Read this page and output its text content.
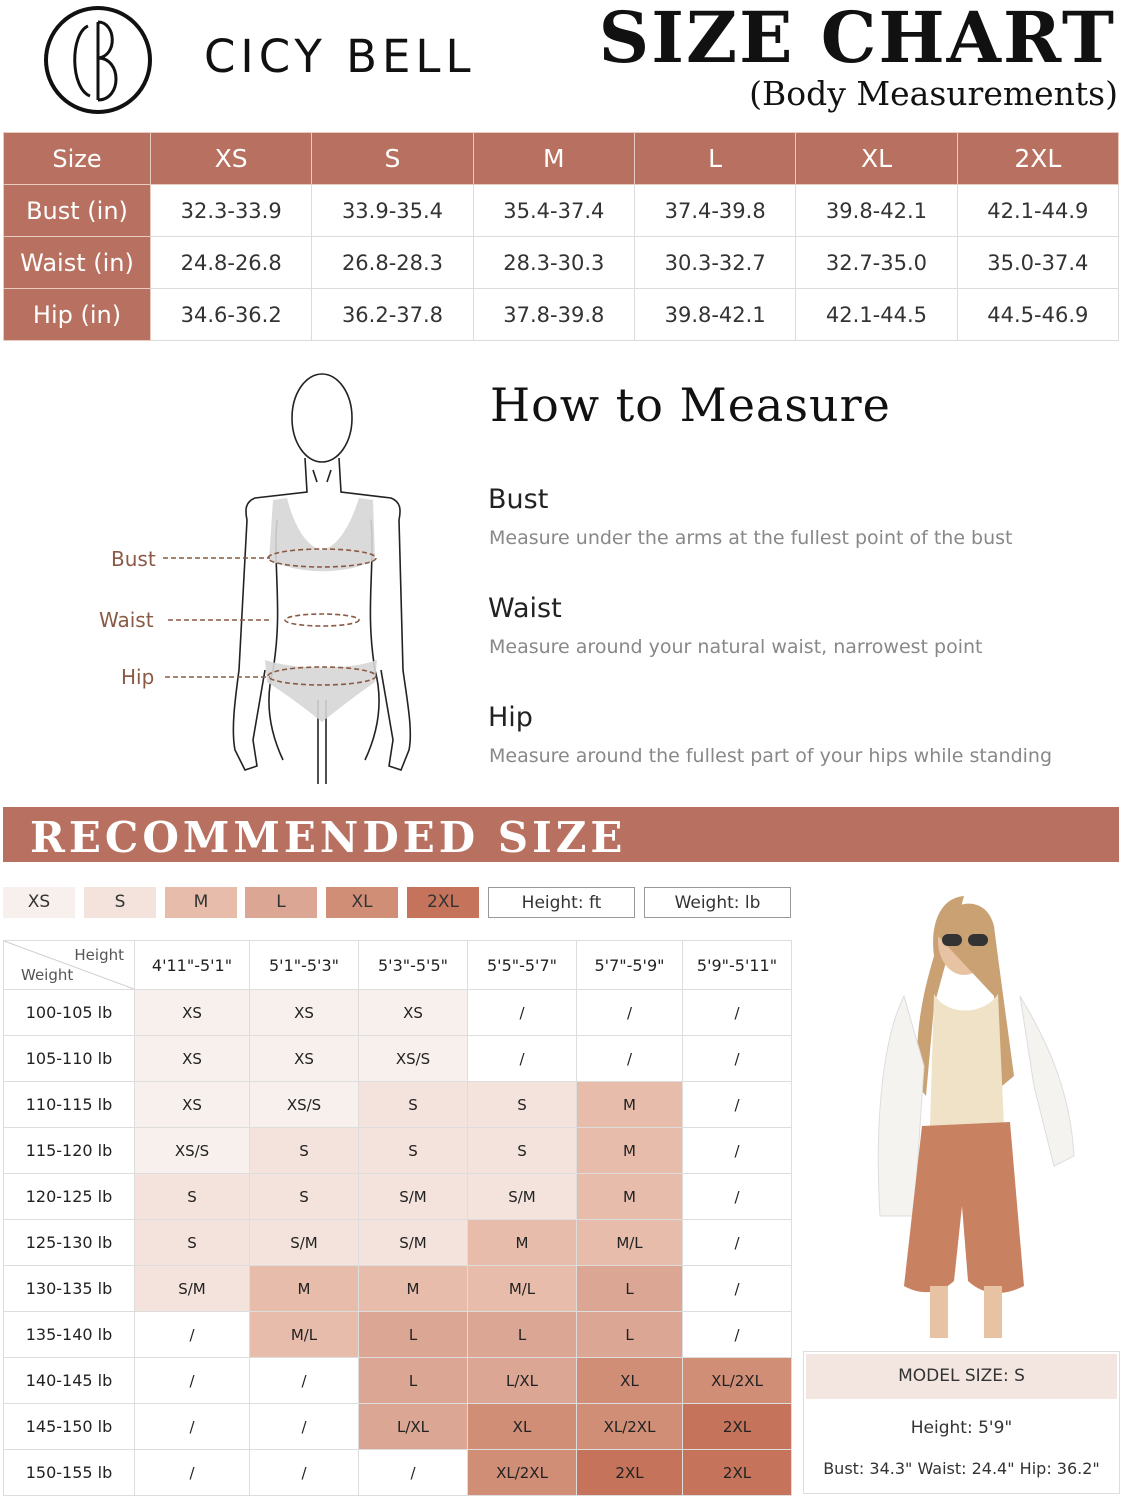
CICY BELL SIZE CHART
(Body Measurements)
Size	XS	S	M	L	XL	2XL
Bust (in)	32.3-33.9	33.9-35.4	35.4-37.4	37.4-39.8	39.8-42.1	42.1-44.9
Waist (in)	24.8-26.8	26.8-28.3	28.3-30.3	30.3-32.7	32.7-35.0	35.0-37.4
Hip (in)	34.6-36.2	36.2-37.8	37.8-39.8	39.8-42.1	42.1-44.5	44.5-46.9
Bust
Waist
Hip
How to Measure
Bust
Measure under the arms at the fullest point of the bust
Waist
Measure around your natural waist, narrowest point
Hip
Measure around the fullest part of your hips while standing
RECOMMENDED SIZE
XS	S	M	L	XL	2XL	Height: ft	Weight: lb
Height
Weight	4'11"-5'1"	5'1"-5'3"	5'3"-5'5"	5'5"-5'7"	5'7"-5'9"	5'9"-5'11"
100-105 lb	XS	XS	XS	/	/	/
105-110 lb	XS	XS	XS/S	/	/	/
110-115 lb	XS	XS/S	S	S	M	/
115-120 lb	XS/S	S	S	S	M	/
120-125 lb	S	S	S/M	S/M	M	/
125-130 lb	S	S/M	S/M	M	M/L	/
130-135 lb	S/M	M	M	M/L	L	/
135-140 lb	/	M/L	L	L	L	/
140-145 lb	/	/	L	L/XL	XL	XL/2XL
145-150 lb	/	/	L/XL	XL	XL/2XL	2XL
150-155 lb	/	/	/	XL/2XL	2XL	2XL
MODEL SIZE: S
Height: 5'9"
Bust: 34.3" Waist: 24.4" Hip: 36.2"
